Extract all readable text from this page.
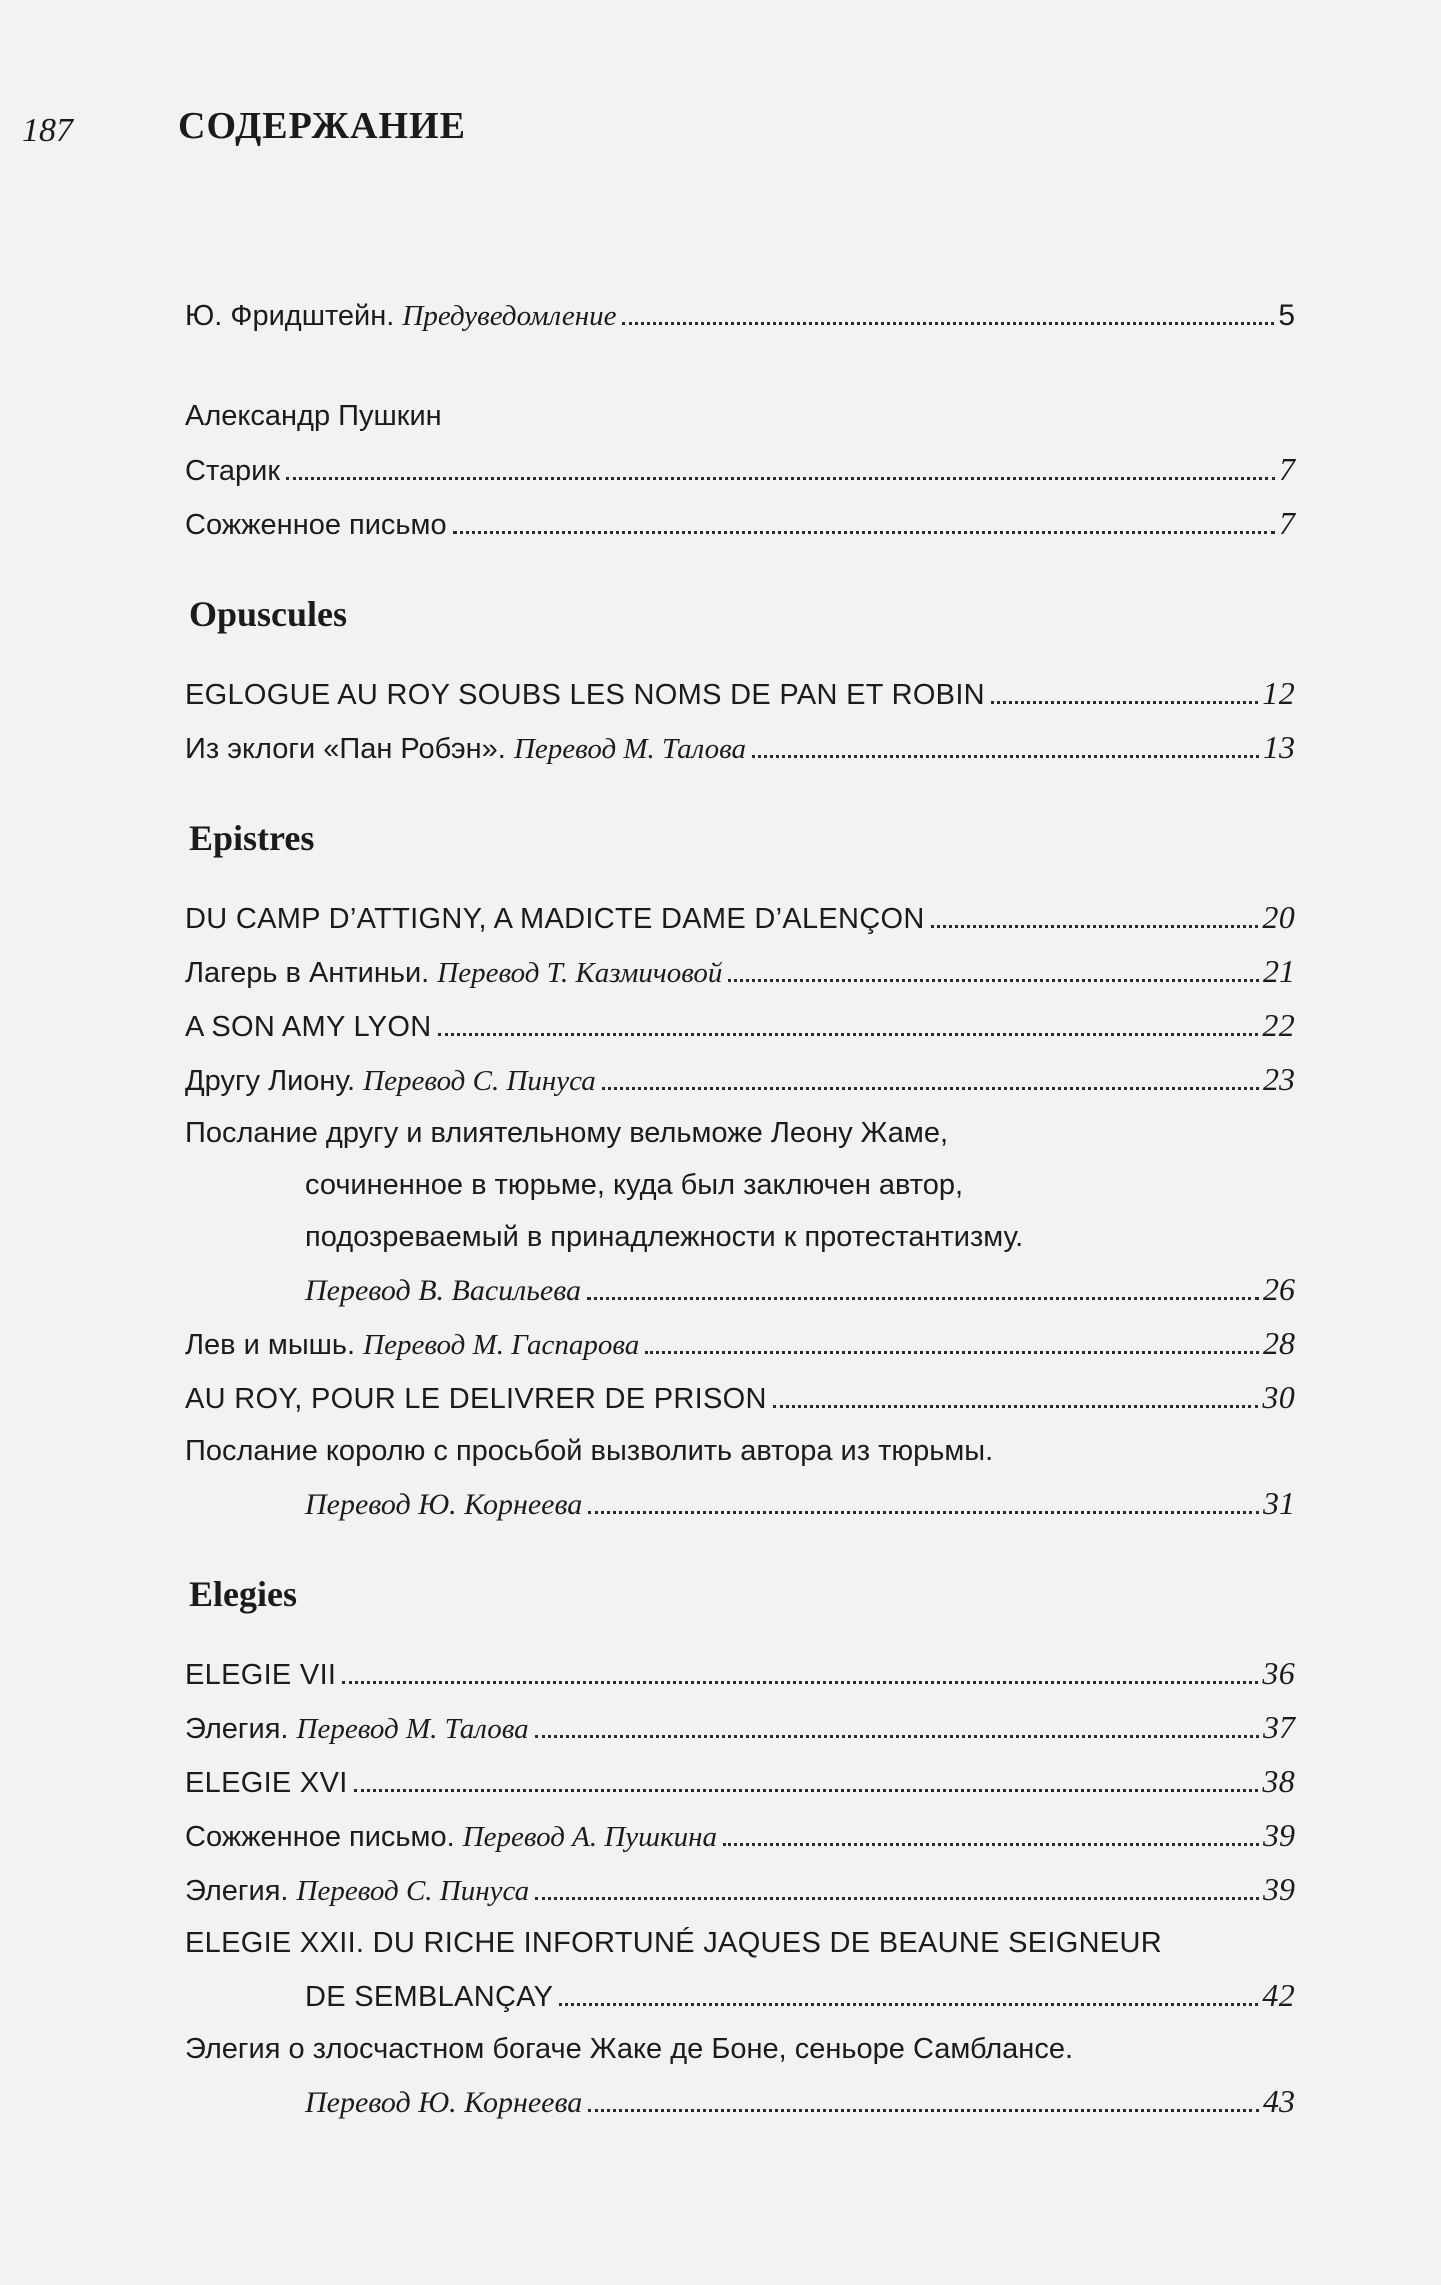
187	СОДЕРЖАНИЕ
Ю. Фридштейн. Предуведомление	5
Александр Пушкин
Старик	7
Сожженное письмо	7
Opuscules
EGLOGUE AU ROY SOUBS LES NOMS DE PAN ET ROBIN	12
Из эклоги «Пан Робэн». Перевод М. Талова	13
Epistres
DU CAMP D’ATTIGNY, A MADICTE DAME D’ALENÇON	20
Лагерь в Антиньи. Перевод Т. Казмичовой	21
A SON AMY LYON	22
Другу Лиону. Перевод С. Пинуса	23
Послание другу и влиятельному вельможе Леону Жаме,
сочиненное в тюрьме, куда был заключен автор,
подозреваемый в принадлежности к протестантизму.
Перевод В. Васильева	26
Лев и мышь. Перевод М. Гаспарова	28
AU ROY, POUR LE DELIVRER DE PRISON	30
Послание королю с просьбой вызволить автора из тюрьмы.
Перевод Ю. Корнеева	31
Elegies
ELEGIE VII	36
Элегия. Перевод М. Талова	37
ELEGIE XVI	38
Сожженное письмо. Перевод А. Пушкина	39
Элегия. Перевод С. Пинуса	39
ELEGIE XXII. DU RICHE INFORTUNÉ JAQUES DE BEAUNE SEIGNEUR
DE SEMBLANÇAY	42
Элегия о злосчастном богаче Жаке де Боне, сеньоре Самблансе.
Перевод Ю. Корнеева	43
